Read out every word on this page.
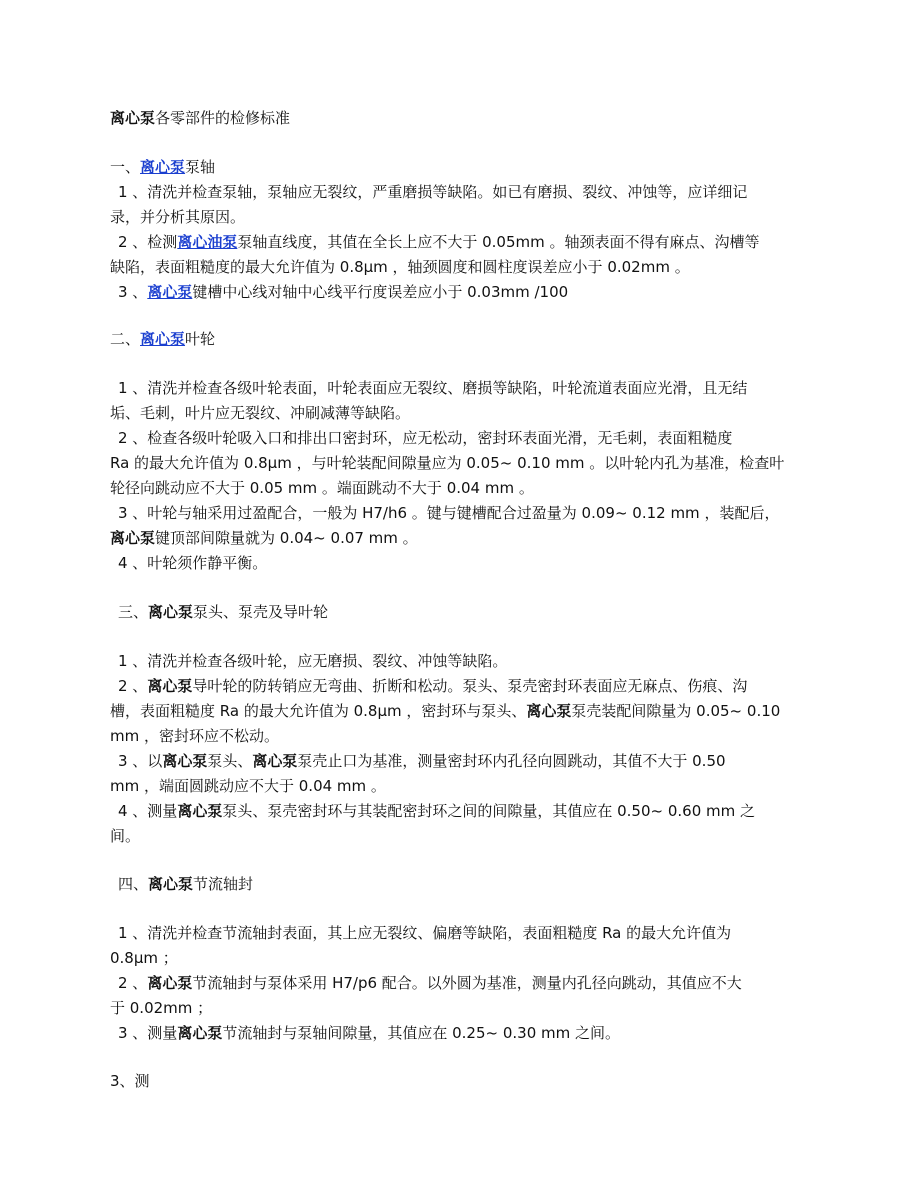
离心泵各零部件的检修标准
一、离心泵泵轴
1 、清洗并检查泵轴，泵轴应无裂纹，严重磨损等缺陷。如已有磨损、裂纹、冲蚀等，应详细记
录，并分析其原因。
2 、检测离心油泵泵轴直线度，其值在全长上应不大于 0.05mm 。轴颈表面不得有麻点、沟槽等
缺陷，表面粗糙度的最大允许值为 0.8μm ，轴颈圆度和圆柱度误差应小于 0.02mm 。
3 、离心泵键槽中心线对轴中心线平行度误差应小于 0.03mm /100
二、离心泵叶轮
1 、清洗并检查各级叶轮表面，叶轮表面应无裂纹、磨损等缺陷，叶轮流道表面应光滑，且无结
垢、毛刺，叶片应无裂纹、冲刷减薄等缺陷。
2 、检查各级叶轮吸入口和排出口密封环，应无松动，密封环表面光滑，无毛刺，表面粗糙度
Ra 的最大允许值为 0.8μm ，与叶轮装配间隙量应为 0.05~ 0.10 mm 。以叶轮内孔为基准，检查叶
轮径向跳动应不大于 0.05 mm 。端面跳动不大于 0.04 mm 。
3 、叶轮与轴采用过盈配合，一般为 H7/h6 。键与键槽配合过盈量为 0.09~ 0.12 mm ，装配后，
离心泵键顶部间隙量就为 0.04~ 0.07 mm 。
4 、叶轮须作静平衡。
三、离心泵泵头、泵壳及导叶轮
1 、清洗并检查各级叶轮，应无磨损、裂纹、冲蚀等缺陷。
2 、离心泵导叶轮的防转销应无弯曲、折断和松动。泵头、泵壳密封环表面应无麻点、伤痕、沟
槽，表面粗糙度 Ra 的最大允许值为 0.8μm ，密封环与泵头、离心泵泵壳装配间隙量为 0.05~ 0.10
mm ，密封环应不松动。
3 、以离心泵泵头、离心泵泵壳止口为基准，测量密封环内孔径向圆跳动，其值不大于 0.50
mm ，端面圆跳动应不大于 0.04 mm 。
4 、测量离心泵泵头、泵壳密封环与其装配密封环之间的间隙量，其值应在 0.50~ 0.60 mm 之
间。
四、离心泵节流轴封
1 、清洗并检查节流轴封表面，其上应无裂纹、偏磨等缺陷，表面粗糙度 Ra 的最大允许值为
0.8μm ；
2 、离心泵节流轴封与泵体采用 H7/p6 配合。以外圆为基准，测量内孔径向跳动，其值应不大
于 0.02mm ；
3 、测量离心泵节流轴封与泵轴间隙量，其值应在 0.25~ 0.30 mm 之间。
3、测
